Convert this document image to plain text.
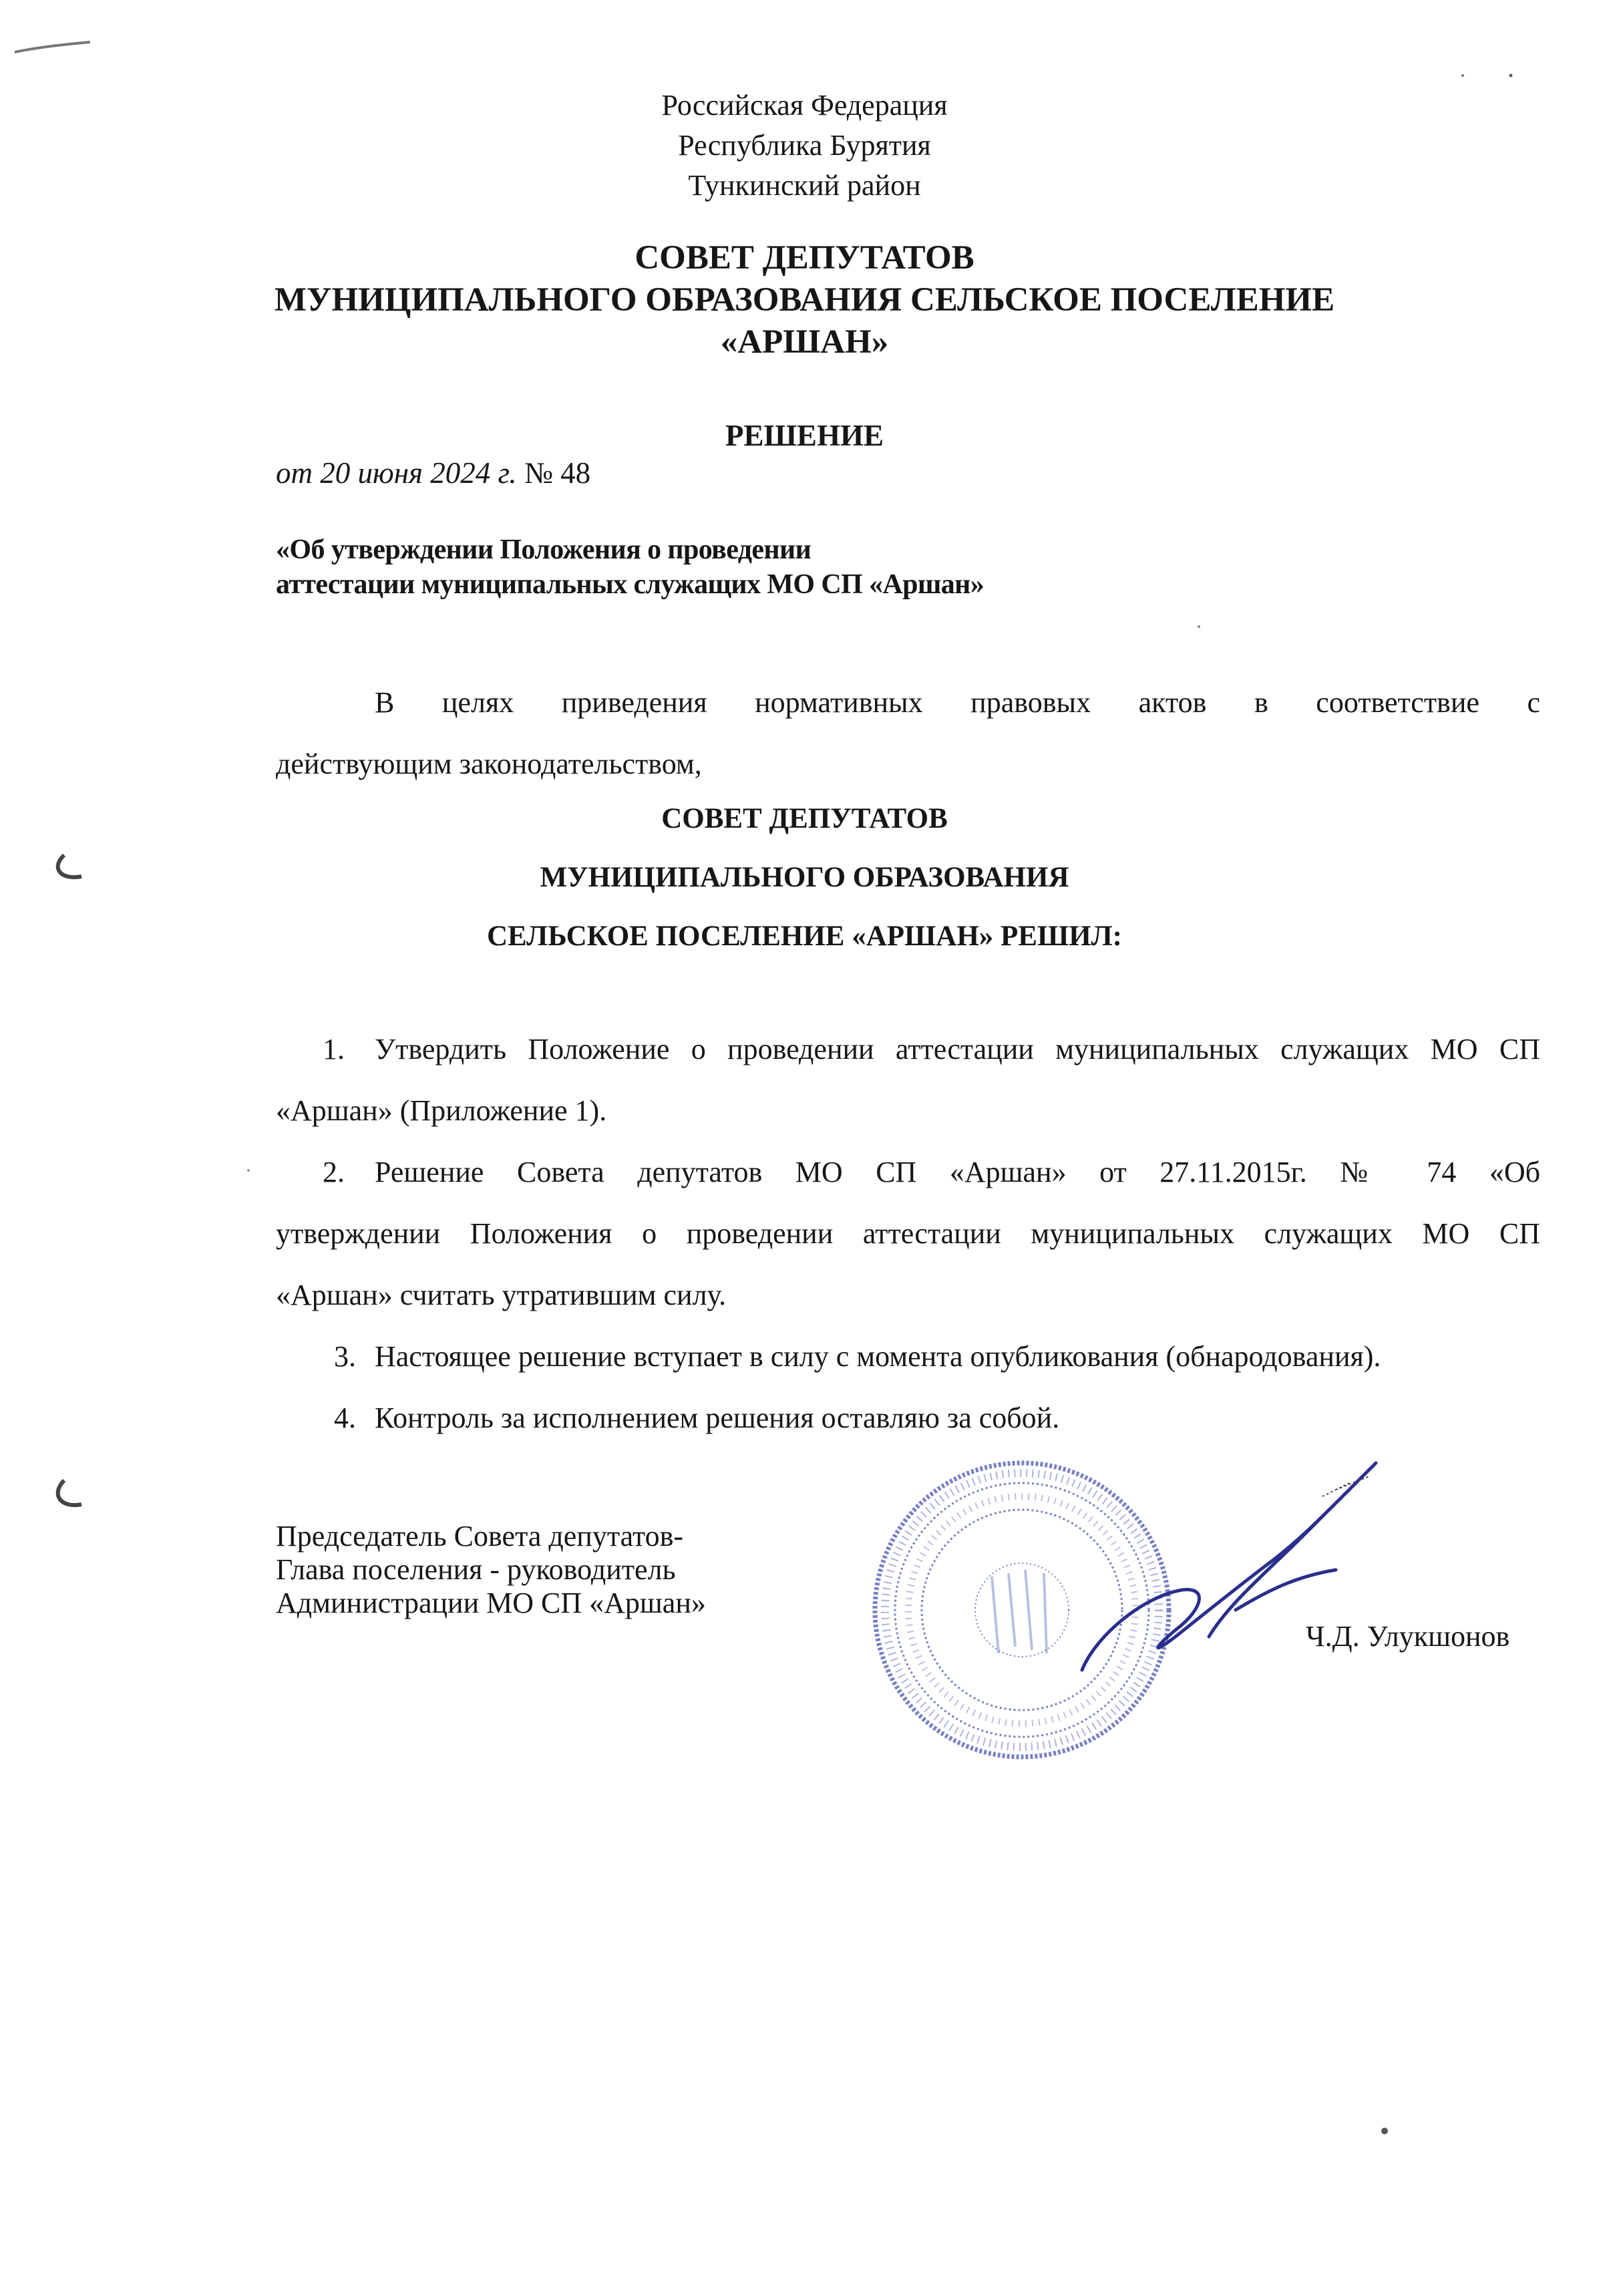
Российская Федерация
Республика Бурятия
Тункинский район
СОВЕТ ДЕПУТАТОВ
МУНИЦИПАЛЬНОГО ОБРАЗОВАНИЯ СЕЛЬСКОЕ ПОСЕЛЕНИЕ
«АРШАН»
РЕШЕНИЕ
от 20 июня 2024 г. № 48
«Об утверждении Положения о проведении
аттестации муниципальных служащих МО СП «Аршан»
В целях приведения нормативных правовых актов в соответствие с
действующим законодательством,
СОВЕТ ДЕПУТАТОВ
МУНИЦИПАЛЬНОГО ОБРАЗОВАНИЯ
СЕЛЬСКОЕ ПОСЕЛЕНИЕ «АРШАН» РЕШИЛ:
1. Утвердить Положение о проведении аттестации муниципальных служащих МО СП
«Аршан» (Приложение 1).
2. Решение Совета депутатов МО СП «Аршан» от 27.11.2015г. № 74 «Об
утверждении Положения о проведении аттестации муниципальных служащих МО СП
«Аршан» считать утратившим силу.
3. Настоящее решение вступает в силу с момента опубликования (обнародования).
4. Контроль за исполнением решения оставляю за собой.
Председатель Совета депутатов-
Глава поселения - руководитель
Администрации МО СП «Аршан»
Ч.Д. Улукшонов
